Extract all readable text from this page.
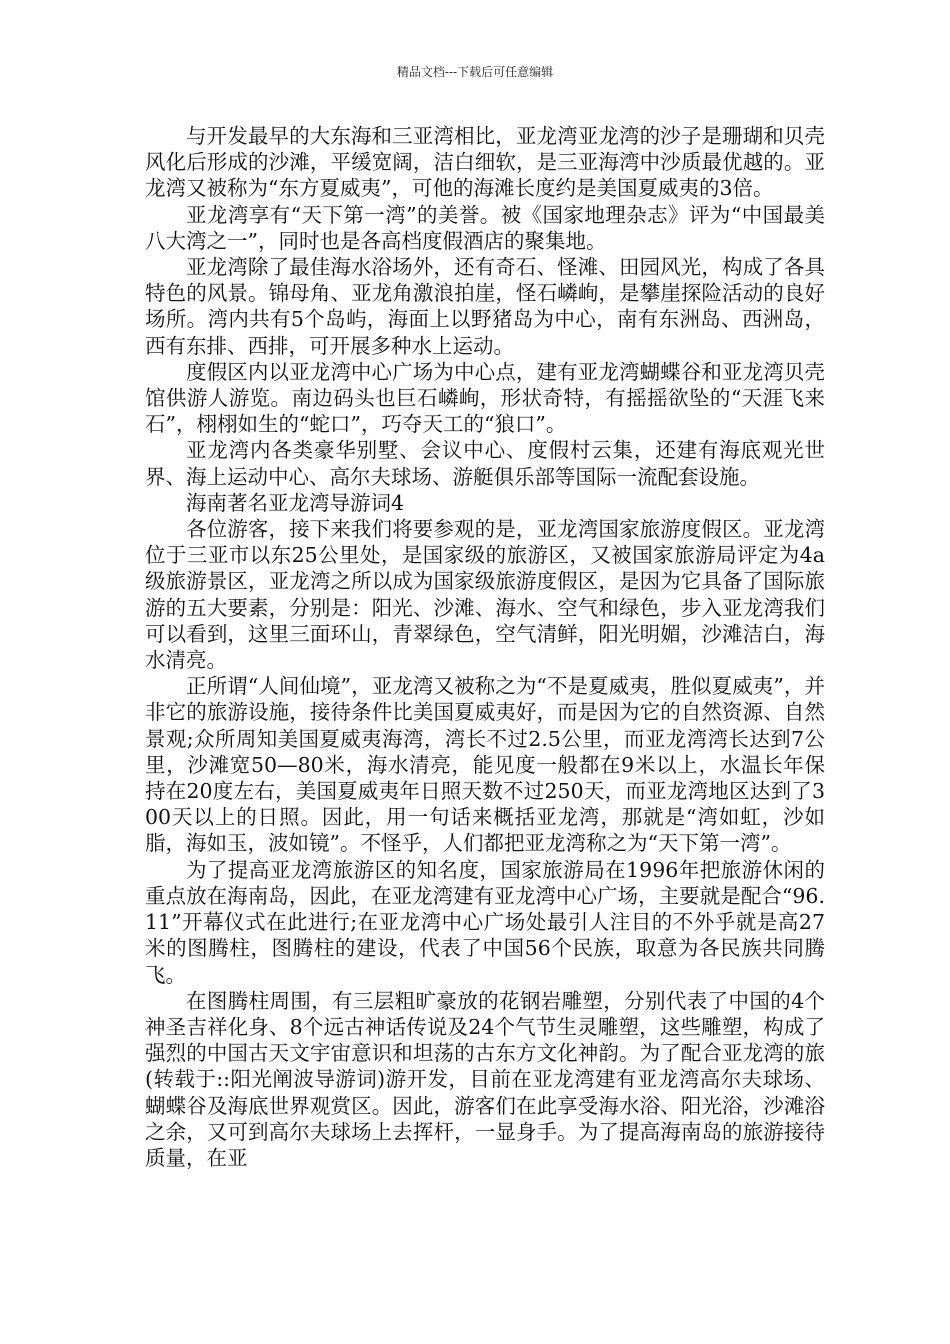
精品文档---下载后可任意编辑

与开发最早的大东海和三亚湾相比，亚龙湾亚龙湾的沙子是珊瑚和贝壳风化后形成的沙滩，平缓宽阔，洁白细软，是三亚海湾中沙质最优越的。亚龙湾又被称为“东方夏威夷”，可他的海滩长度约是美国夏威夷的3倍。

亚龙湾享有“天下第一湾”的美誉。被《国家地理杂志》评为“中国最美八大湾之一”，同时也是各高档度假酒店的聚集地。

亚龙湾除了最佳海水浴场外，还有奇石、怪滩、田园风光，构成了各具特色的风景。锦母角、亚龙角激浪拍崖，怪石嶙峋，是攀崖探险活动的良好场所。湾内共有5个岛屿，海面上以野猪岛为中心，南有东洲岛、西洲岛，西有东排、西排，可开展多种水上运动。

度假区内以亚龙湾中心广场为中心点，建有亚龙湾蝴蝶谷和亚龙湾贝壳馆供游人游览。南边码头也巨石嶙峋，形状奇特，有摇摇欲坠的“天涯飞来石”，栩栩如生的“蛇口”，巧夺天工的“狼口”。

亚龙湾内各类豪华别墅、会议中心、度假村云集，还建有海底观光世界、海上运动中心、高尔夫球场、游艇俱乐部等国际一流配套设施。

海南著名亚龙湾导游词4

各位游客，接下来我们将要参观的是，亚龙湾国家旅游度假区。亚龙湾位于三亚市以东25公里处，是国家级的旅游区，又被国家旅游局评定为4a级旅游景区，亚龙湾之所以成为国家级旅游度假区，是因为它具备了国际旅游的五大要素，分别是：阳光、沙滩、海水、空气和绿色，步入亚龙湾我们可以看到，这里三面环山，青翠绿色，空气清鲜，阳光明媚，沙滩洁白，海水清亮。

正所谓“人间仙境”，亚龙湾又被称之为“不是夏威夷，胜似夏威夷”，并非它的旅游设施，接待条件比美国夏威夷好，而是因为它的自然资源、自然景观;众所周知美国夏威夷海湾，湾长不过2.5公里，而亚龙湾湾长达到7公里，沙滩宽50—80米，海水清亮，能见度一般都在9米以上，水温长年保持在20度左右，美国夏威夷年日照天数不过250天，而亚龙湾地区达到了300天以上的日照。因此，用一句话来概括亚龙湾，那就是“湾如虹，沙如脂，海如玉，波如镜”。不怪乎，人们都把亚龙湾称之为“天下第一湾”。

为了提高亚龙湾旅游区的知名度，国家旅游局在1996年把旅游休闲的重点放在海南岛，因此，在亚龙湾建有亚龙湾中心广场，主要就是配合“96.11”开幕仪式在此进行;在亚龙湾中心广场处最引人注目的不外乎就是高27米的图腾柱，图腾柱的建设，代表了中国56个民族，取意为各民族共同腾飞。

在图腾柱周围，有三层粗旷豪放的花钢岩雕塑，分别代表了中国的4个神圣吉祥化身、8个远古神话传说及24个气节生灵雕塑，这些雕塑，构成了强烈的中国古天文宇宙意识和坦荡的古东方文化神韵。为了配合亚龙湾的旅(转载于::阳光阐波导游词)游开发，目前在亚龙湾建有亚龙湾高尔夫球场、蝴蝶谷及海底世界观赏区。因此，游客们在此享受海水浴、阳光浴，沙滩浴之余，又可到高尔夫球场上去挥杆，一显身手。为了提高海南岛的旅游接待质量，在亚
